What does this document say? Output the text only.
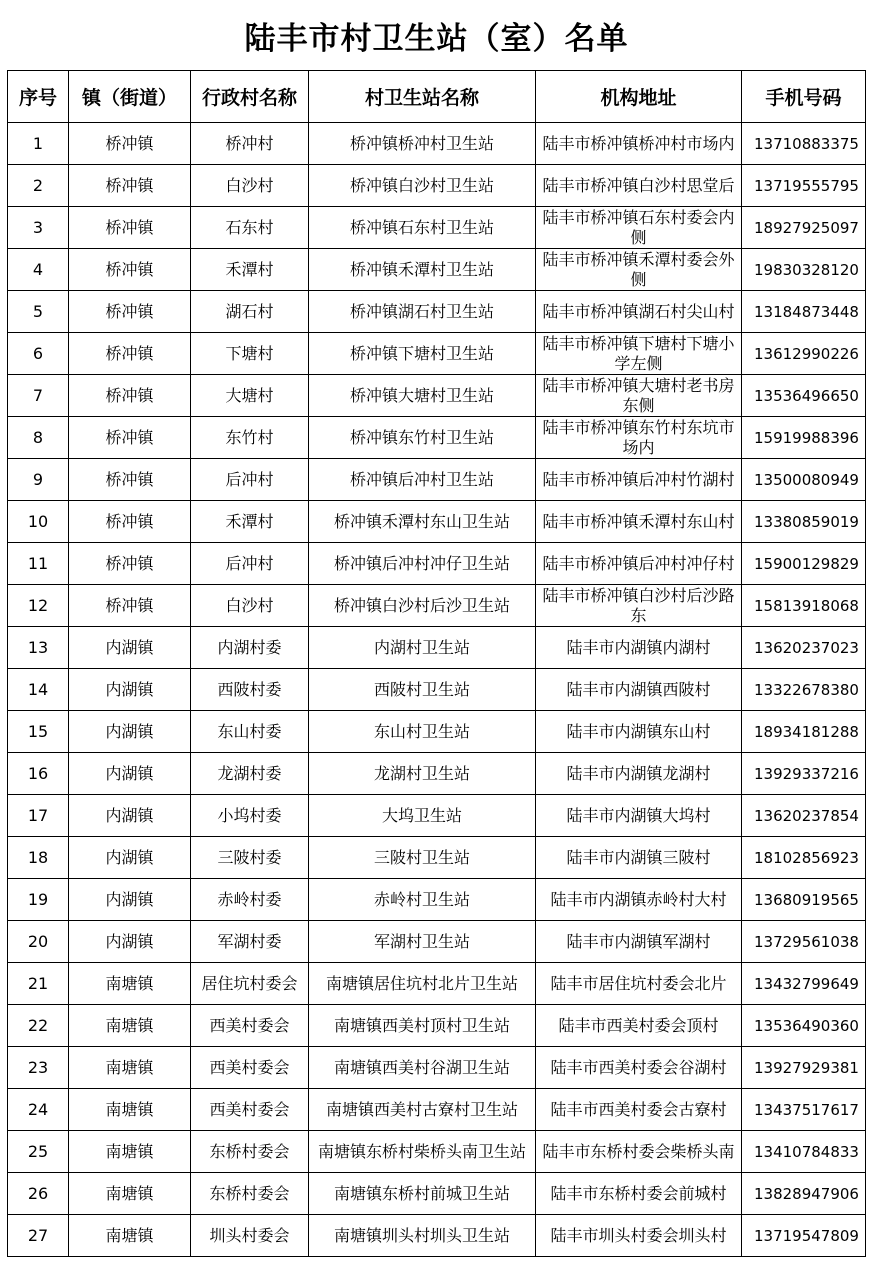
陆丰市村卫生站（室）名单
序号	镇（街道）	行政村名称	村卫生站名称	机构地址	手机号码
1	桥冲镇	桥冲村	桥冲镇桥冲村卫生站	陆丰市桥冲镇桥冲村市场内	13710883375
2	桥冲镇	白沙村	桥冲镇白沙村卫生站	陆丰市桥冲镇白沙村思堂后	13719555795
3	桥冲镇	石东村	桥冲镇石东村卫生站	陆丰市桥冲镇石东村委会内侧	18927925097
4	桥冲镇	禾潭村	桥冲镇禾潭村卫生站	陆丰市桥冲镇禾潭村委会外侧	19830328120
5	桥冲镇	湖石村	桥冲镇湖石村卫生站	陆丰市桥冲镇湖石村尖山村	13184873448
6	桥冲镇	下塘村	桥冲镇下塘村卫生站	陆丰市桥冲镇下塘村下塘小学左侧	13612990226
7	桥冲镇	大塘村	桥冲镇大塘村卫生站	陆丰市桥冲镇大塘村老书房东侧	13536496650
8	桥冲镇	东竹村	桥冲镇东竹村卫生站	陆丰市桥冲镇东竹村东坑市场内	15919988396
9	桥冲镇	后冲村	桥冲镇后冲村卫生站	陆丰市桥冲镇后冲村竹湖村	13500080949
10	桥冲镇	禾潭村	桥冲镇禾潭村东山卫生站	陆丰市桥冲镇禾潭村东山村	13380859019
11	桥冲镇	后冲村	桥冲镇后冲村冲仔卫生站	陆丰市桥冲镇后冲村冲仔村	15900129829
12	桥冲镇	白沙村	桥冲镇白沙村后沙卫生站	陆丰市桥冲镇白沙村后沙路东	15813918068
13	内湖镇	内湖村委	内湖村卫生站	陆丰市内湖镇内湖村	13620237023
14	内湖镇	西陂村委	西陂村卫生站	陆丰市内湖镇西陂村	13322678380
15	内湖镇	东山村委	东山村卫生站	陆丰市内湖镇东山村	18934181288
16	内湖镇	龙湖村委	龙湖村卫生站	陆丰市内湖镇龙湖村	13929337216
17	内湖镇	小坞村委	大坞卫生站	陆丰市内湖镇大坞村	13620237854
18	内湖镇	三陂村委	三陂村卫生站	陆丰市内湖镇三陂村	18102856923
19	内湖镇	赤岭村委	赤岭村卫生站	陆丰市内湖镇赤岭村大村	13680919565
20	内湖镇	军湖村委	军湖村卫生站	陆丰市内湖镇军湖村	13729561038
21	南塘镇	居住坑村委会	南塘镇居住坑村北片卫生站	陆丰市居住坑村委会北片	13432799649
22	南塘镇	西美村委会	南塘镇西美村顶村卫生站	陆丰市西美村委会顶村	13536490360
23	南塘镇	西美村委会	南塘镇西美村谷湖卫生站	陆丰市西美村委会谷湖村	13927929381
24	南塘镇	西美村委会	南塘镇西美村古寮村卫生站	陆丰市西美村委会古寮村	13437517617
25	南塘镇	东桥村委会	南塘镇东桥村柴桥头南卫生站	陆丰市东桥村委会柴桥头南	13410784833
26	南塘镇	东桥村委会	南塘镇东桥村前城卫生站	陆丰市东桥村委会前城村	13828947906
27	南塘镇	圳头村委会	南塘镇圳头村圳头卫生站	陆丰市圳头村委会圳头村	13719547809
